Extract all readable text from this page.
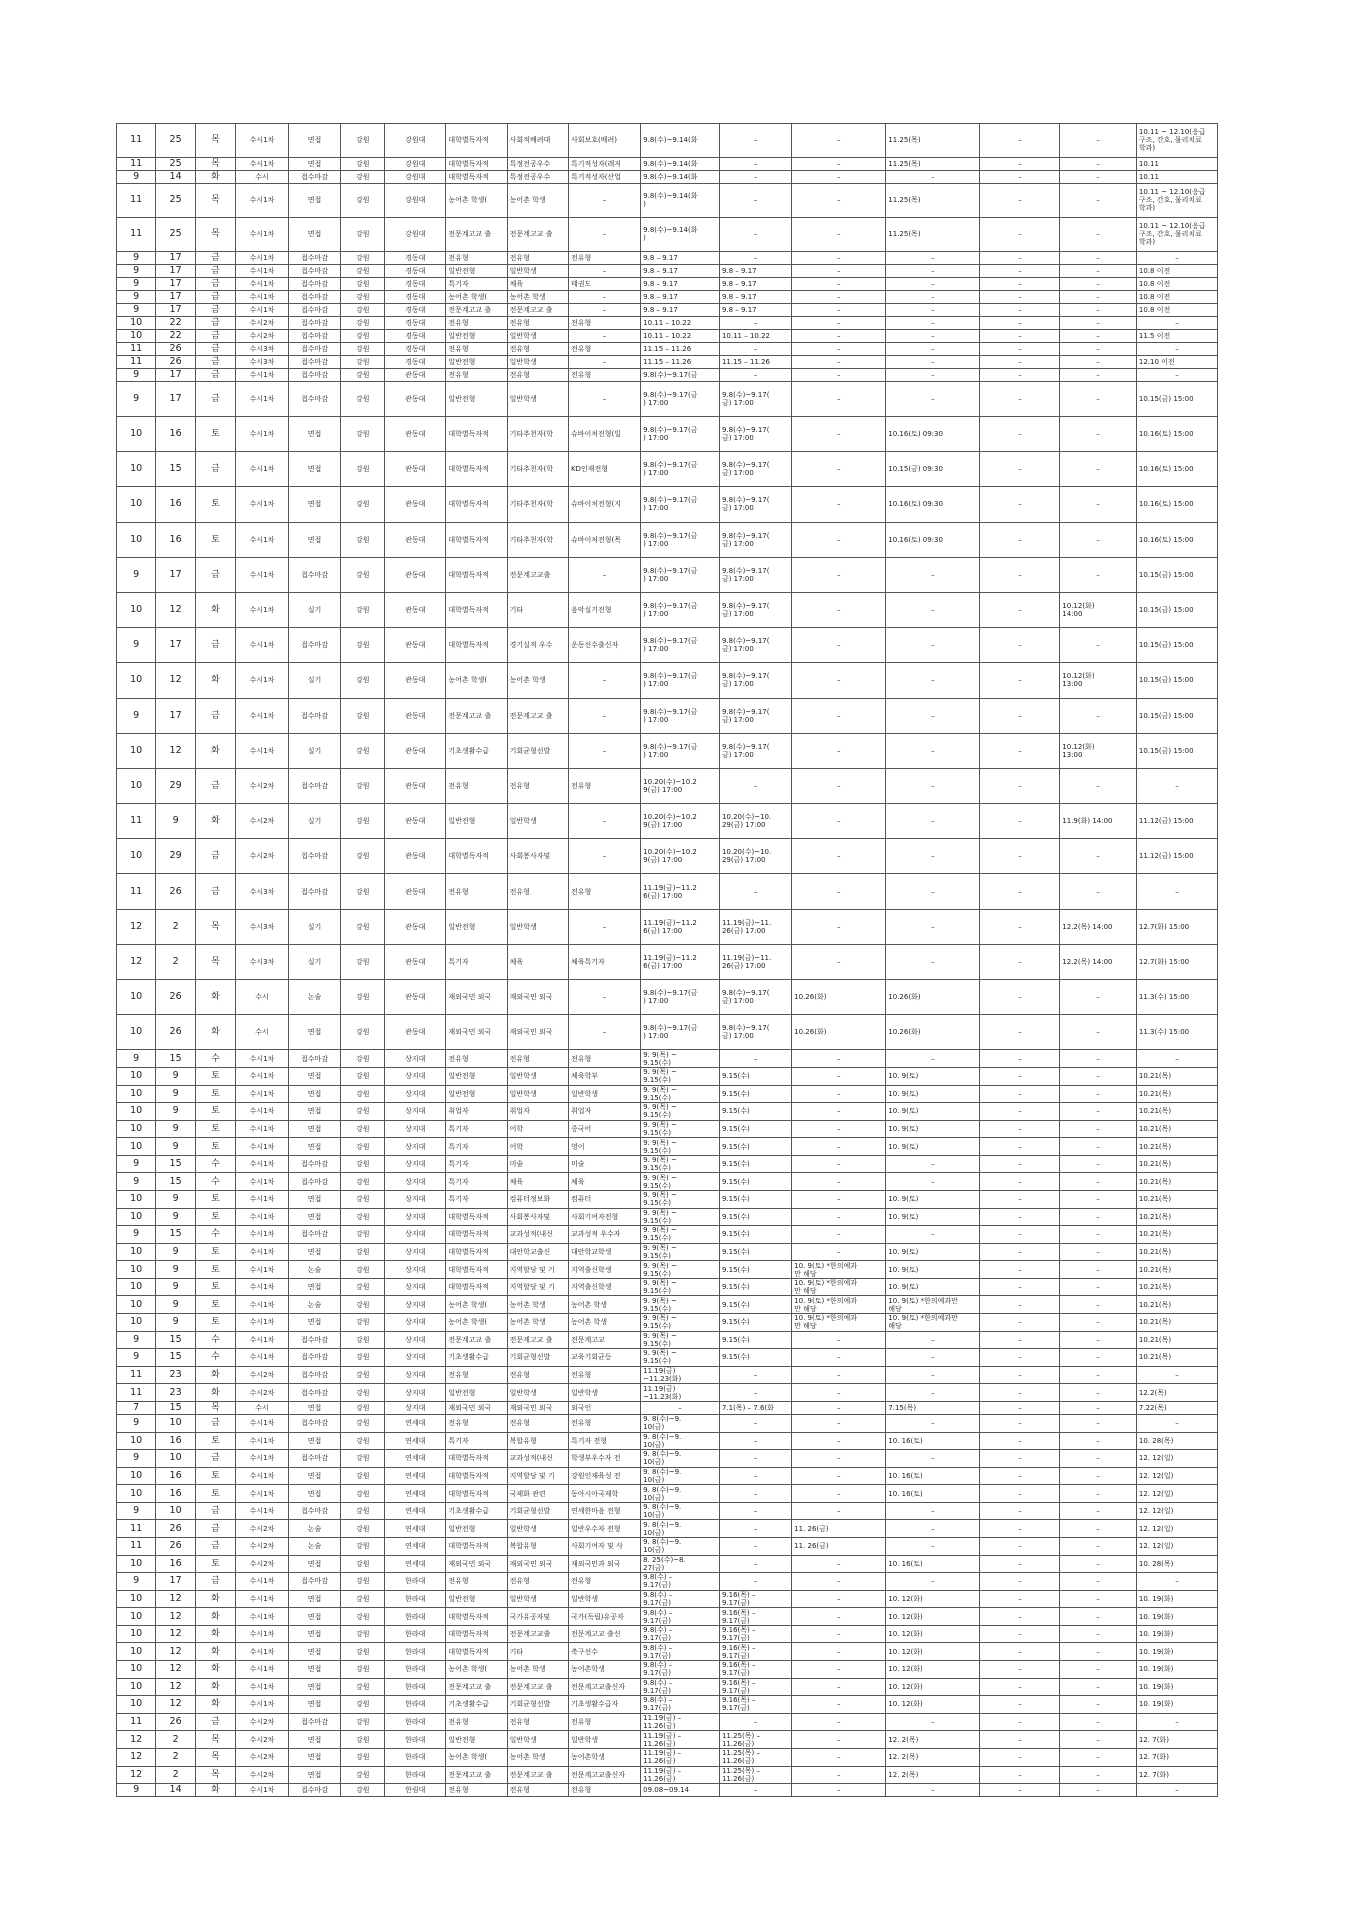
11	25	목	수시1차	면접	강원	강원대	대학별독자적	사회적배려대	사회보호(배려)	9.8(수)~9.14(화	–	–	11.25(목)	–	–	10.11 ~ 12.10(응급
구조, 간호, 물리치료
학과)
11	25	목	수시1차	면접	강원	강원대	대학별독자적	특정전공우수	특기적성자(레저	9.8(수)~9.14(화	–	–	11.25(목)	–	–	10.11
9	14	화	수시	접수마감	강원	강원대	대학별독자적	특정전공우수	특기적성자(산업	9.8(수)~9.14(화	–	–	–	–	–	10.11
11	25	목	수시1차	면접	강원	강원대	농어촌 학생(	농어촌 학생	–	9.8(수)~9.14(화
)	–	–	11.25(목)	–	–	10.11 ~ 12.10(응급
구조, 간호, 물리치료
학과)
11	25	목	수시1차	면접	강원	강원대	전문계고교 출	전문계고교 출	–	9.8(수)~9.14(화
)	–	–	11.25(목)	–	–	10.11 ~ 12.10(응급
구조, 간호, 물리치료
학과)
9	17	금	수시1차	접수마감	강원	경동대	전유형	전유형	전유형	9.8 – 9.17	–	–	–	–	–	–
9	17	금	수시1차	접수마감	강원	경동대	일반전형	일반학생	–	9.8 – 9.17	9.8 – 9.17	–	–	–	–	10.8 이전
9	17	금	수시1차	접수마감	강원	경동대	특기자	체육	태권도	9.8 – 9.17	9.8 – 9.17	–	–	–	–	10.8 이전
9	17	금	수시1차	접수마감	강원	경동대	농어촌 학생(	농어촌 학생	–	9.8 – 9.17	9.8 – 9.17	–	–	–	–	10.8 이전
9	17	금	수시1차	접수마감	강원	경동대	전문계고교 출	전문계고교 출	–	9.8 – 9.17	9.8 – 9.17	–	–	–	–	10.8 이전
10	22	금	수시2차	접수마감	강원	경동대	전유형	전유형	전유형	10.11 – 10.22	–	–	–	–	–	–
10	22	금	수시2차	접수마감	강원	경동대	일반전형	일반학생	–	10.11 – 10.22	10.11 – 10.22	–	–	–	–	11.5 이전
11	26	금	수시3차	접수마감	강원	경동대	전유형	전유형	전유형	11.15 – 11.26	–	–	–	–	–	–
11	26	금	수시3차	접수마감	강원	경동대	일반전형	일반학생	–	11.15 – 11.26	11.15 – 11.26	–	–	–	–	12.10 이전
9	17	금	수시1차	접수마감	강원	관동대	전유형	전유형	전유형	9.8(수)~9.17(금	–	–	–	–	–	–
9	17	금	수시1차	접수마감	강원	관동대	일반전형	일반학생	–	9.8(수)~9.17(금
) 17:00	9.8(수)~9.17(
금) 17:00	–	–	–	–	10.15(금) 15:00
10	16	토	수시1차	면접	강원	관동대	대학별독자적	기타추천자(학	슈바이처전형(일	9.8(수)~9.17(금
) 17:00	9.8(수)~9.17(
금) 17:00	–	10.16(토) 09:30	–	–	10.16(토) 15:00
10	15	금	수시1차	면접	강원	관동대	대학별독자적	기타추천자(학	KD인재전형	9.8(수)~9.17(금
) 17:00	9.8(수)~9.17(
금) 17:00	–	10.15(금) 09:30	–	–	10.16(토) 15:00
10	16	토	수시1차	면접	강원	관동대	대학별독자적	기타추천자(학	슈바이처전형(지	9.8(수)~9.17(금
) 17:00	9.8(수)~9.17(
금) 17:00	–	10.16(토) 09:30	–	–	10.16(토) 15:00
10	16	토	수시1차	면접	강원	관동대	대학별독자적	기타추천자(학	슈바이처전형(목	9.8(수)~9.17(금
) 17:00	9.8(수)~9.17(
금) 17:00	–	10.16(토) 09:30	–	–	10.16(토) 15:00
9	17	금	수시1차	접수마감	강원	관동대	대학별독자적	전문계고교출	–	9.8(수)~9.17(금
) 17:00	9.8(수)~9.17(
금) 17:00	–	–	–	–	10.15(금) 15:00
10	12	화	수시1차	실기	강원	관동대	대학별독자적	기타	음악실기전형	9.8(수)~9.17(금
) 17:00	9.8(수)~9.17(
금) 17:00	–	–	–	10.12(화)
14:00	10.15(금) 15:00
9	17	금	수시1차	접수마감	강원	관동대	대학별독자적	경기실적 우수	운동선수출신자	9.8(수)~9.17(금
) 17:00	9.8(수)~9.17(
금) 17:00	–	–	–	–	10.15(금) 15:00
10	12	화	수시1차	실기	강원	관동대	농어촌 학생(	농어촌 학생	–	9.8(수)~9.17(금
) 17:00	9.8(수)~9.17(
금) 17:00	–	–	–	10.12(화)
13:00	10.15(금) 15:00
9	17	금	수시1차	접수마감	강원	관동대	전문계고교 출	전문계고교 출	–	9.8(수)~9.17(금
) 17:00	9.8(수)~9.17(
금) 17:00	–	–	–	–	10.15(금) 15:00
10	12	화	수시1차	실기	강원	관동대	기초생활수급	기회균형선발	–	9.8(수)~9.17(금
) 17:00	9.8(수)~9.17(
금) 17:00	–	–	–	10.12(화)
13:00	10.15(금) 15:00
10	29	금	수시2차	접수마감	강원	관동대	전유형	전유형	전유형	10.20(수)~10.2
9(금) 17:00	–	–	–	–	–	–
11	9	화	수시2차	실기	강원	관동대	일반전형	일반학생	–	10.20(수)~10.2
9(금) 17:00	10.20(수)~10.
29(금) 17:00	–	–	–	11.9(화) 14:00	11.12(금) 15:00
10	29	금	수시2차	접수마감	강원	관동대	대학별독자적	사회봉사자및	–	10.20(수)~10.2
9(금) 17:00	10.20(수)~10.
29(금) 17:00	–	–	–	–	11.12(금) 15:00
11	26	금	수시3차	접수마감	강원	관동대	전유형	전유형	전유형	11.19(금)~11.2
6(금) 17:00	–	–	–	–	–	–
12	2	목	수시3차	실기	강원	관동대	일반전형	일반학생	–	11.19(금)~11.2
6(금) 17:00	11.19(금)~11.
26(금) 17:00	–	–	–	12.2(목) 14:00	12.7(화) 15:00
12	2	목	수시3차	실기	강원	관동대	특기자	체육	체육특기자	11.19(금)~11.2
6(금) 17:00	11.19(금)~11.
26(금) 17:00	–	–	–	12.2(목) 14:00	12.7(화) 15:00
10	26	화	수시	논술	강원	관동대	재외국민 외국	재외국민 외국	–	9.8(수)~9.17(금
) 17:00	9.8(수)~9.17(
금) 17:00	10.26(화)	10.26(화)	–	–	11.3(수) 15:00
10	26	화	수시	면접	강원	관동대	재외국민 외국	재외국민 외국	–	9.8(수)~9.17(금
) 17:00	9.8(수)~9.17(
금) 17:00	10.26(화)	10.26(화)	–	–	11.3(수) 15:00
9	15	수	수시1차	접수마감	강원	상지대	전유형	전유형	전유형	9. 9(목) ~
9.15(수)	–	–	–	–	–	–
10	9	토	수시1차	면접	강원	상지대	일반전형	일반학생	체육학부	9. 9(목) ~
9.15(수)	9.15(수)	–	10. 9(토)	–	–	10.21(목)
10	9	토	수시1차	면접	강원	상지대	일반전형	일반학생	일반학생	9. 9(목) ~
9.15(수)	9.15(수)	–	10. 9(토)	–	–	10.21(목)
10	9	토	수시1차	면접	강원	상지대	취업자	취업자	취업자	9. 9(목) ~
9.15(수)	9.15(수)	–	10. 9(토)	–	–	10.21(목)
10	9	토	수시1차	면접	강원	상지대	특기자	어학	중국어	9. 9(목) ~
9.15(수)	9.15(수)	–	10. 9(토)	–	–	10.21(목)
10	9	토	수시1차	면접	강원	상지대	특기자	어학	영어	9. 9(목) ~
9.15(수)	9.15(수)	–	10. 9(토)	–	–	10.21(목)
9	15	수	수시1차	접수마감	강원	상지대	특기자	미술	미술	9. 9(목) ~
9.15(수)	9.15(수)	–	–	–	–	10.21(목)
9	15	수	수시1차	접수마감	강원	상지대	특기자	체육	체육	9. 9(목) ~
9.15(수)	9.15(수)	–	–	–	–	10.21(목)
10	9	토	수시1차	면접	강원	상지대	특기자	컴퓨터정보화	컴퓨터	9. 9(목) ~
9.15(수)	9.15(수)	–	10. 9(토)	–	–	10.21(목)
10	9	토	수시1차	면접	강원	상지대	대학별독자적	사회봉사자및	사회기여자전형	9. 9(목) ~
9.15(수)	9.15(수)	–	10. 9(토)	–	–	10.21(목)
9	15	수	수시1차	접수마감	강원	상지대	대학별독자적	교과성적(내신	교과성적 우수자	9. 9(목) ~
9.15(수)	9.15(수)	–	–	–	–	10.21(목)
10	9	토	수시1차	면접	강원	상지대	대학별독자적	대안학교출신	대안학교학생	9. 9(목) ~
9.15(수)	9.15(수)	–	10. 9(토)	–	–	10.21(목)
10	9	토	수시1차	논술	강원	상지대	대학별독자적	지역할당 및 기	지역출신학생	9. 9(목) ~
9.15(수)	9.15(수)	10. 9(토) *한의예과
만 해당	10. 9(토)	–	–	10.21(목)
10	9	토	수시1차	면접	강원	상지대	대학별독자적	지역할당 및 기	지역출신학생	9. 9(목) ~
9.15(수)	9.15(수)	10. 9(토) *한의예과
만 해당	10. 9(토)	–	–	10.21(목)
10	9	토	수시1차	논술	강원	상지대	농어촌 학생(	농어촌 학생	농어촌 학생	9. 9(목) ~
9.15(수)	9.15(수)	10. 9(토) *한의예과
만 해당	10. 9(토) *한의예과만
해당	–	–	10.21(목)
10	9	토	수시1차	면접	강원	상지대	농어촌 학생(	농어촌 학생	농어촌 학생	9. 9(목) ~
9.15(수)	9.15(수)	10. 9(토) *한의예과
만 해당	10. 9(토) *한의예과만
해당	–	–	10.21(목)
9	15	수	수시1차	접수마감	강원	상지대	전문계고교 출	전문계고교 출	전문계고교	9. 9(목) ~
9.15(수)	9.15(수)	–	–	–	–	10.21(목)
9	15	수	수시1차	접수마감	강원	상지대	기초생활수급	기회균형선발	교육기회균등	9. 9(목) ~
9.15(수)	9.15(수)	–	–	–	–	10.21(목)
11	23	화	수시2차	접수마감	강원	상지대	전유형	전유형	전유형	11.19(금)
~11.23(화)	–	–	–	–	–	–
11	23	화	수시2차	접수마감	강원	상지대	일반전형	일반학생	일반학생	11.19(금)
~11.23(화)	–	–	–	–	–	12.2(목)
7	15	목	수시	면접	강원	상지대	재외국민 외국	재외국민 외국	외국인	–	7.1(목) – 7.6(화	–	7.15(목)	–	–	7.22(목)
9	10	금	수시1차	접수마감	강원	연세대	전유형	전유형	전유형	9. 8(수)~9.
10(금)	–	–	–	–	–	–
10	16	토	수시1차	면접	강원	연세대	특기자	복합유형	특기자 전형	9. 8(수)~9.
10(금)	–	–	10. 16(토)	–	–	10. 28(목)
9	10	금	수시1차	접수마감	강원	연세대	대학별독자적	교과성적(내신	학생부우수자 전	9. 8(수)~9.
10(금)	–	–	–	–	–	12. 12(일)
10	16	토	수시1차	면접	강원	연세대	대학별독자적	지역할당 및 기	강원인재육성 전	9. 8(수)~9.
10(금)	–	–	10. 16(토)	–	–	12. 12(일)
10	16	토	수시1차	면접	강원	연세대	대학별독자적	국제화 관련	동아시아국제학	9. 8(수)~9.
10(금)	–	–	10. 16(토)	–	–	12. 12(일)
9	10	금	수시1차	접수마감	강원	연세대	기초생활수급	기회균형선발	연세한마음 전형	9. 8(수)~9.
10(금)	–	–	–	–	–	12. 12(일)
11	26	금	수시2차	논술	강원	연세대	일반전형	일반학생	일반우수자 전형	9. 8(수)~9.
10(금)	–	11. 26(금)	–	–	–	12. 12(일)
11	26	금	수시2차	논술	강원	연세대	대학별독자적	복합유형	사회기여자 및 사	9. 8(수)~9.
10(금)	–	11. 26(금)	–	–	–	12. 12(일)
10	16	토	수시2차	면접	강원	연세대	재외국민 외국	재외국민 외국	재외국민과 외국	8. 25(수)~8.
27(금)	–	–	10. 16(토)	–	–	10. 28(목)
9	17	금	수시1차	접수마감	강원	한라대	전유형	전유형	전유형	9.8(수) –
9.17(금)	–	–	–	–	–	–
10	12	화	수시1차	면접	강원	한라대	일반전형	일반학생	일반학생	9.8(수) –
9.17(금)	9.16(목) –
9.17(금)	–	10. 12(화)	–	–	10. 19(화)
10	12	화	수시1차	면접	강원	한라대	대학별독자적	국가유공자및	국가(독립)유공자	9.8(수) –
9.17(금)	9.16(목) –
9.17(금)	–	10. 12(화)	–	–	10. 19(화)
10	12	화	수시1차	면접	강원	한라대	대학별독자적	전문계고교출	전문계고교 출신	9.8(수) –
9.17(금)	9.16(목) –
9.17(금)	–	10. 12(화)	–	–	10. 19(화)
10	12	화	수시1차	면접	강원	한라대	대학별독자적	기타	축구선수	9.8(수) –
9.17(금)	9.16(목) –
9.17(금)	–	10. 12(화)	–	–	10. 19(화)
10	12	화	수시1차	면접	강원	한라대	농어촌 학생(	농어촌 학생	농어촌학생	9.8(수) –
9.17(금)	9.16(목) –
9.17(금)	–	10. 12(화)	–	–	10. 19(화)
10	12	화	수시1차	면접	강원	한라대	전문계고교 출	전문계고교 출	전문계고교출신자	9.8(수) –
9.17(금)	9.16(목) –
9.17(금)	–	10. 12(화)	–	–	10. 19(화)
10	12	화	수시1차	면접	강원	한라대	기초생활수급	기회균형선발	기초생활수급자	9.8(수) –
9.17(금)	9.16(목) –
9.17(금)	–	10. 12(화)	–	–	10. 19(화)
11	26	금	수시2차	접수마감	강원	한라대	전유형	전유형	전유형	11.19(금) –
11.26(금)	–	–	–	–	–	–
12	2	목	수시2차	면접	강원	한라대	일반전형	일반학생	일반학생	11.19(금) –
11.26(금)	11.25(목) –
11.26(금)	–	12. 2(목)	–	–	12. 7(화)
12	2	목	수시2차	면접	강원	한라대	농어촌 학생(	농어촌 학생	농어촌학생	11.19(금) –
11.26(금)	11.25(목) –
11.26(금)	–	12. 2(목)	–	–	12. 7(화)
12	2	목	수시2차	면접	강원	한라대	전문계고교 출	전문계고교 출	전문계고교출신자	11.19(금) –
11.26(금)	11.25(목) –
11.26(금)	–	12. 2(목)	–	–	12. 7(화)
9	14	화	수시1차	접수마감	강원	한림대	전유형	전유형	전유형	09.08~09.14	–	–	–	–	–	–
